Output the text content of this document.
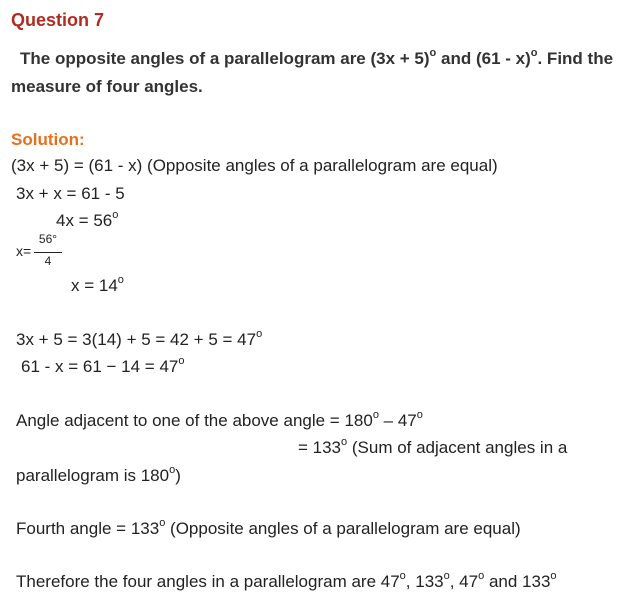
Question 7
The opposite angles of a parallelogram are $(3x + 5)^o$ and (61 - x)$^o$. Find the
measure of four angles.
Solution:
(3x + 5) = (61 - x) (Opposite angles of a parallelogram are equal)
3x + x = 61 - 5
$4x = 56^o$
x=
56°
4
$x = 14^o$
$3x + 5 = 3(14) + 5 = 42 + 5 = 47^o$
$61 - x = 61 - 14 = 47^o$
Angle adjacent to one of the above angle = $180^o - 47^o$
= $133^o$ (Sum of adjacent angles in a
parallelogram is 180$^o$)
Fourth angle = $133^o$ (Opposite angles of a parallelogram are equal)
Therefore the four angles in a parallelogram are 47$^o$, 133$^o$, 47$^o$ and 133$^o$
